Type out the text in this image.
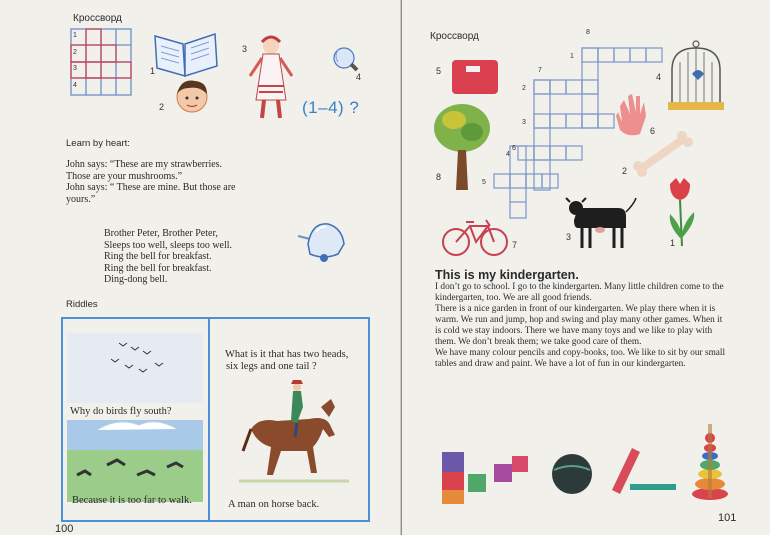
Кроссворд
1
2
3
4
1
2
3
4
(1–4) ?
Learn by heart:

John says: “These are my strawberries.

Those are your mushrooms.”

John says: “ These are mine. But those are

yours.”

Brother Peter, Brother Peter,

Sleeps too well, sleeps too well.

Ring the bell for breakfast.

Ring the bell for breakfast.

Ding-dong bell.

Riddles
Why do birds fly south?
Because it is too far to walk.
What is it that has two heads,
six legs and one tail ?
A man on horse back.
100
Кроссворд	8
1
7
2
3
6
4
5
5
8
7
3
4
6
2
1
This is my kindergarten.

I don’t go to school. I go to the kindergarten. Many little children come to the kindergarten, too. We are all good friends.

There is a nice garden in front of our kindergarten. We play there when it is warm. We run and jump, hop and swing and play many other games. When it is cold we stay indoors. There we have many toys and we like to play with them. We don’t break them; we take good care of them.

We have many colour pencils and copy-books, too. We like to sit by our small tables and draw and paint. We have a lot of fun in our kindergarten.

101
